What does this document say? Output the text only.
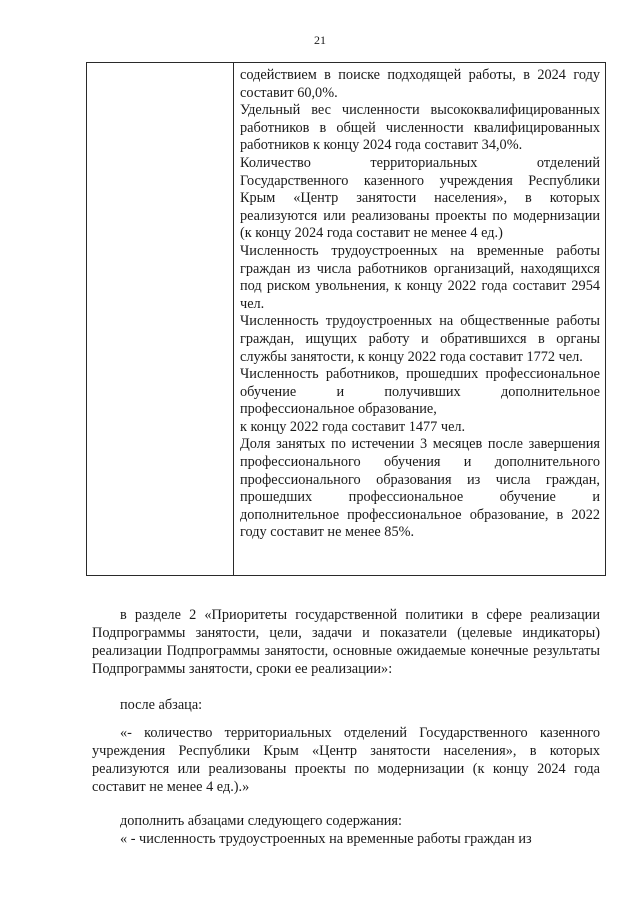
21

содействием в поиске подходящей работы, в 2024 году составит 60,0%.

Удельный вес численности высококвалифицированных работников в общей численности квалифицированных работников к концу 2024 года составит 34,0%.

Количество территориальных отделений Государственного казенного учреждения Республики Крым «Центр занятости населения», в которых реализуются или реализованы проекты по модернизации (к концу 2024 года составит не менее 4 ед.)

Численность трудоустроенных на временные работы граждан из числа работников организаций, находящихся под риском увольнения, к концу 2022 года составит 2954 чел.

Численность трудоустроенных на общественные работы граждан, ищущих работу и обратившихся в органы службы занятости, к концу 2022 года составит 1772 чел.

Численность работников, прошедших профессиональное обучение и получивших дополнительное профессиональное образование,

к концу 2022 года составит 1477 чел.

Доля занятых по истечении 3 месяцев после завершения профессионального обучения и дополнительного профессионального образования из числа граждан, прошедших профессиональное обучение и дополнительное профессиональное образование, в 2022 году составит не менее 85%.

в разделе 2 «Приоритеты государственной политики в сфере реализации Подпрограммы занятости, цели, задачи и показатели (целевые индикаторы) реализации Подпрограммы занятости, основные ожидаемые конечные результаты Подпрограммы занятости, сроки ее реализации»:

после абзаца:

«- количество территориальных отделений Государственного казенного учреждения Республики Крым «Центр занятости населения», в которых реализуются или реализованы проекты по модернизации (к концу 2024 года составит не менее 4 ед.).»

дополнить абзацами следующего содержания:

« - численность трудоустроенных на временные работы граждан из
